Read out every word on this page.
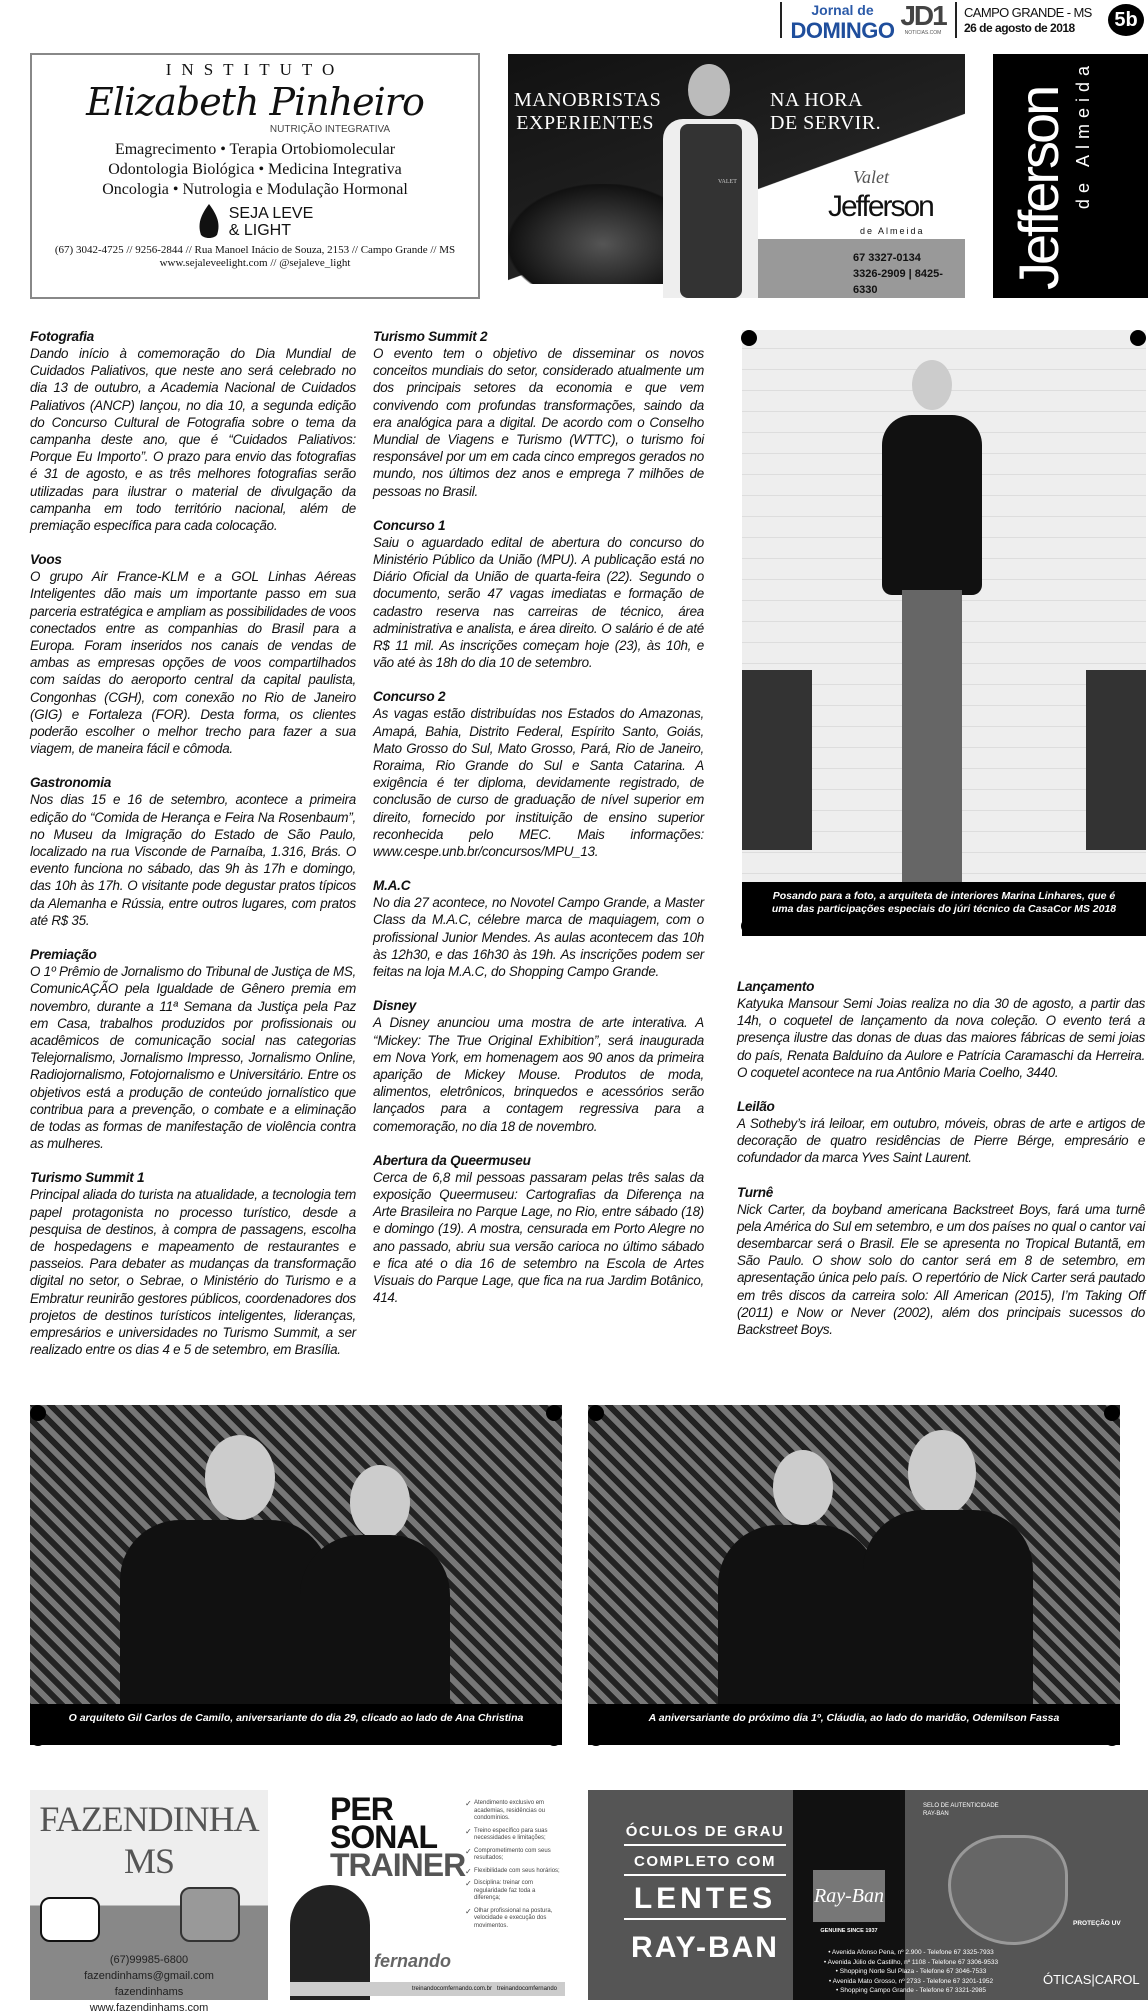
Jornal de
DOMINGO JD1
NOTICIAS.COM
CAMPO GRANDE - MS
26 de agosto de 2018	5b
INSTITUTO
Elizabeth Pinheiro
NUTRIÇÃO INTEGRATIVA
Emagrecimento • Terapia Ortobiomolecular
Odontologia Biológica • Medicina Integrativa
Oncologia • Nutrologia e Modulação Hormonal
SEJA LEVE
& LIGHT
(67) 3042-4725 // 9256-2844 // Rua Manoel Inácio de Souza, 2153 // Campo Grande // MS
www.sejaleveelight.com // @sejaleve_light
VALET
MANOBRISTAS
EXPERIENTES
NA HORA
DE SERVIR.
Valet
Jefferson
de Almeida
67 3327-0134
3326-2909 | 8425-6330	Jefferson de Almeida
Fotografia

Dando início à comemoração do Dia Mundial de Cuidados Paliativos, que neste ano será celebrado no dia 13 de outubro, a Academia Nacional de Cuidados Paliativos (ANCP) lançou, no dia 10, a segunda edição do Concurso Cultural de Fotografia sobre o tema da campanha deste ano, que é “Cuidados Paliativos: Porque Eu Importo”. O prazo para envio das fotografias é 31 de agosto, e as três melhores fotografias serão utilizadas para ilustrar o material de divulgação da campanha em todo território nacional, além de premiação específica para cada colocação.

Voos

O grupo Air France-KLM e a GOL Linhas Aéreas Inteligentes dão mais um importante passo em sua parceria estratégica e ampliam as possibilidades de voos conectados entre as companhias do Brasil para a Europa. Foram inseridos nos canais de vendas de ambas as empresas opções de voos compartilhados com saídas do aeroporto central da capital paulista, Congonhas (CGH), com conexão no Rio de Janeiro (GIG) e Fortaleza (FOR). Desta forma, os clientes poderão escolher o melhor trecho para fazer a sua viagem, de maneira fácil e cômoda.

Gastronomia

Nos dias 15 e 16 de setembro, acontece a primeira edição do “Comida de Herança e Feira Na Rosenbaum”, no Museu da Imigração do Estado de São Paulo, localizado na rua Visconde de Parnaíba, 1.316, Brás. O evento funciona no sábado, das 9h às 17h e domingo, das 10h às 17h. O visitante pode degustar pratos típicos da Alemanha e Rússia, entre outros lugares, com pratos até R$ 35.

Premiação

O 1º Prêmio de Jornalismo do Tribunal de Justiça de MS, ComunicAÇÃO pela Igualdade de Gênero premia em novembro, durante a 11ª Semana da Justiça pela Paz em Casa, trabalhos produzidos por profissionais ou acadêmicos de comunicação social nas categorias Telejornalismo, Jornalismo Impresso, Jornalismo Online, Radiojornalismo, Fotojornalismo e Universitário. Entre os objetivos está a produção de conteúdo jornalístico que contribua para a prevenção, o combate e a eliminação de todas as formas de manifestação de violência contra as mulheres.

Turismo Summit 1

Principal aliada do turista na atualidade, a tecnologia tem papel protagonista no processo turístico, desde a pesquisa de destinos, à compra de passagens, escolha de hospedagens e mapeamento de restaurantes e passeios. Para debater as mudanças da transformação digital no setor, o Sebrae, o Ministério do Turismo e a Embratur reunirão gestores públicos, coordenadores dos projetos de destinos turísticos inteligentes, lideranças, empresários e universidades no Turismo Summit, a ser realizado entre os dias 4 e 5 de setembro, em Brasília.

Turismo Summit 2

O evento tem o objetivo de disseminar os novos conceitos mundiais do setor, considerado atualmente um dos principais setores da economia e que vem convivendo com profundas transformações, saindo da era analógica para a digital. De acordo com o Conselho Mundial de Viagens e Turismo (WTTC), o turismo foi responsável por um em cada cinco empregos gerados no mundo, nos últimos dez anos e emprega 7 milhões de pessoas no Brasil.

Concurso 1

Saiu o aguardado edital de abertura do concurso do Ministério Público da União (MPU). A publicação está no Diário Oficial da União de quarta-feira (22). Segundo o documento, serão 47 vagas imediatas e formação de cadastro reserva nas carreiras de técnico, área administrativa e analista, e área direito. O salário é de até R$ 11 mil. As inscrições começam hoje (23), às 10h, e vão até às 18h do dia 10 de setembro.

Concurso 2

As vagas estão distribuídas nos Estados do Amazonas, Amapá, Bahia, Distrito Federal, Espírito Santo, Goiás, Mato Grosso do Sul, Mato Grosso, Pará, Rio de Janeiro, Roraima, Rio Grande do Sul e Santa Catarina. A exigência é ter diploma, devidamente registrado, de conclusão de curso de graduação de nível superior em direito, fornecido por instituição de ensino superior reconhecida pelo MEC. Mais informações: www.cespe.unb.br/concursos/MPU_13.

M.A.C

No dia 27 acontece, no Novotel Campo Grande, a Master Class da M.A.C, célebre marca de maquiagem, com o profissional Junior Mendes. As aulas acontecem das 10h às 12h30, e das 16h30 às 19h. As inscrições podem ser feitas na loja M.A.C, do Shopping Campo Grande.

Disney

A Disney anunciou uma mostra de arte interativa. A “Mickey: The True Original Exhibition”, será inaugurada em Nova York, em homenagem aos 90 anos da primeira aparição de Mickey Mouse. Produtos de moda, alimentos, eletrônicos, brinquedos e acessórios serão lançados para a contagem regressiva para a comemoração, no dia 18 de novembro.

Abertura da Queermuseu

Cerca de 6,8 mil pessoas passaram pelas três salas da exposição Queermuseu: Cartografias da Diferença na Arte Brasileira no Parque Lage, no Rio, entre sábado (18) e domingo (19). A mostra, censurada em Porto Alegre no ano passado, abriu sua versão carioca no último sábado e fica até o dia 16 de setembro na Escola de Artes Visuais do Parque Lage, que fica na rua Jardim Botânico, 414.

Lançamento

Katyuka Mansour Semi Joias realiza no dia 30 de agosto, a partir das 14h, o coquetel de lançamento da nova coleção. O evento terá a presença ilustre das donas de duas das maiores fábricas de semi joias do país, Renata Balduíno da Aulore e Patrícia Caramaschi da Herreira. O coquetel acontece na rua Antônio Maria Coelho, 3440.

Leilão

A Sotheby’s irá leiloar, em outubro, móveis, obras de arte e artigos de decoração de quatro residências de Pierre Bérge, empresário e cofundador da marca Yves Saint Laurent.

Turnê

Nick Carter, da boyband americana Backstreet Boys, fará uma turnê pela América do Sul em setembro, e um dos países no qual o cantor vai desembarcar será o Brasil. Ele se apresenta no Tropical Butantã, em São Paulo. O show solo do cantor será em 8 de setembro, em apresentação única pelo país. O repertório de Nick Carter será pautado em três discos da carreira solo: All American (2015), I’m Taking Off (2011) e Now or Never (2002), além dos principais sucessos do Backstreet Boys.

Posando para a foto, a arquiteta de interiores Marina Linhares, que é uma das participações especiais do júri técnico da CasaCor MS 2018
O arquiteto Gil Carlos de Camilo, aniversariante do dia 29, clicado ao lado de Ana Christina	A aniversariante do próximo dia 1º, Cláudia, ao lado do maridão, Odemilson Fassa
FAZENDINHA MS
(67)99985-6800
fazendinhams@gmail.com
fazendinhams
www.fazendinhams.com
PER
SONAL
TRAINER
✓ Atendimento exclusivo em academias, residências ou condomínios.
✓ Treino específico para suas necessidades e limitações;
✓ Comprometimento com seus resultados;
✓ Flexibilidade com seus horários;
✓ Disciplina: treinar com regularidade faz toda a diferença;
✓ Olhar profissional na postura, velocidade e execução dos movimentos.
fernando
treinandocomfernando.com.br treinandocomfernando
ÓCULOS DE GRAU
COMPLETO COM
LENTES
RAY-BAN
Ray-Ban
GENUINE SINCE 1937
SELO DE AUTENTICIDADE RAY-BAN
PROTEÇÃO UV
• Avenida Afonso Pena, nº 2.900 - Telefone 67 3325-7933
• Avenida Júlio de Castilho, nº 1108 - Telefone 67 3306-9533
• Shopping Norte Sul Plaza - Telefone 67 3046-7533
• Avenida Mato Grosso, nº 2733 - Telefone 67 3201-1952
• Shopping Campo Grande - Telefone 67 3321-2985
ÓTICAS|CAROL
